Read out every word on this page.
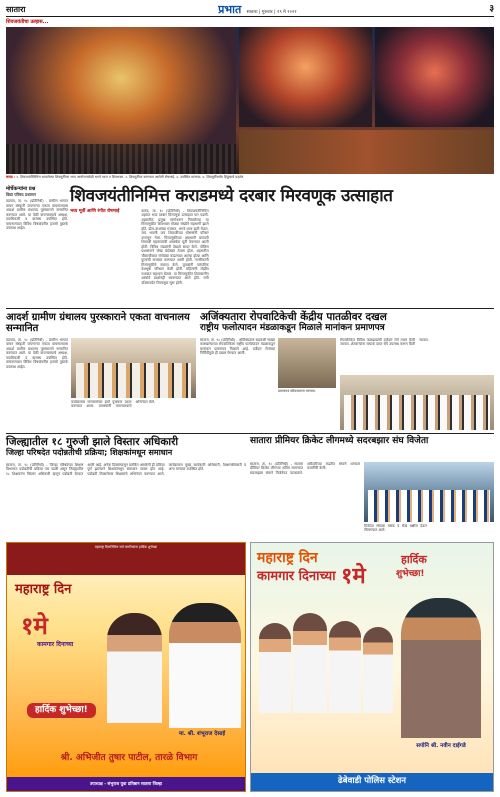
सातारा	प्रभात सातारा | गुरुवार | १९ मे २०२२	३
शिवजयंतीचा उल्हास...
कराड : १. शिवजयंतीनिमित्त भरवलेल्या शिवमूर्तीच्या भव्य आयोजनावेळी भगवे ध्वज व शिवभक्त. २. शिवमूर्तीवर करण्यात आलेली रोषणाई. ३. उपस्थित मान्यवर. ४. शिवमूर्तीसमोर हिंदुत्वाचे प्रदर्शन.
मोर्चेकऱ्यांना प्रश्न
विद्या परिषद प्रशासन
वडगाव, ता. १८ (प्रतिनिधी) - ग्रामीण भागात वाचन संस्कृती जपणाऱ्या एकता वाचनालयास आदर्श ग्रामीण ग्रंथालय पुरस्काराने सन्मानित करण्यात आले. या वेळी वाचनालयाचे अध्यक्ष, पदाधिकारी व ग्रामस्थ उपस्थित होते. वाचनालयात विविध विषयांवरील हजारो पुस्तके उपलब्ध आहेत.
शिवजयंतीनिमित्त कराडमध्ये दरबार मिरवणूक उत्साहात
भव्य मूर्ती आणि रंगीत रोषणाई	कराड, ता. १८ (प्रतिनिधी) - शिवजयंतीनिमित्त शहरात भव्य दरबार मिरवणूक उत्साहात पार पडली. शहरातील प्रमुख मार्गावरून निघालेल्या या मिरवणुकीत शिवभक्त मोठ्या संख्येने सहभागी झाले होते. ढोल-ताशांच्या गजरात, भगवे ध्वज हाती घेऊन, जय भवानी जय शिवाजीच्या घोषणांनी परिसर दणाणून गेला. मिरवणुकीच्या अग्रभागी छत्रपती शिवाजी महाराजांची आकर्षक मूर्ती ठेवण्यात आली होती. विविध मंडळांनी देखावे सादर केले. पोलिस प्रशासनाने चोख बंदोबस्त ठेवला होता. शहरातील चौकाचौकात रांगोळ्या काढण्यात आल्या होत्या आणि फुलांची सजावट करण्यात आली होती. नागरिकांनी मिरवणुकीचे स्वागत केले. युवकांनी पारंपरिक वेशभूषा परिधान केली होती. महिलांनी लेझीम पथकात सहभाग घेतला. या मिरवणुकीत शिवकालीन शस्त्रांचे प्रदर्शनही भरवण्यात आले होते. रात्री उशिरापर्यंत मिरवणूक सुरू होती.
आदर्श ग्रामीण ग्रंथालय पुरस्काराने एकता वाचनालय सन्मानित
वडगाव, ता. १८ (प्रतिनिधी) - ग्रामीण भागात वाचन संस्कृती जपणाऱ्या एकता वाचनालयास आदर्श ग्रामीण ग्रंथालय पुरस्काराने सन्मानित करण्यात आले. या वेळी वाचनालयाचे अध्यक्ष, पदाधिकारी व ग्रामस्थ उपस्थित होते. वाचनालयात विविध विषयांवरील हजारो पुस्तके उपलब्ध आहेत.
कार्यक्रमास मान्यवरांच्या हस्ते पुरस्कार प्रदान करण्यात आला. ग्रामस्थांनी वाचनालयाचे अभिनंदन केले.
अजिंक्यतारा रोपवाटिकेची केंद्रीय पातळीवर दखल
राष्ट्रीय फलोत्पादन मंडळाकडून मिळाले मानांकन प्रमाणपत्र
सातारा, ता. १८ (प्रतिनिधी) - अजिंक्यतारा सहकारी साखर कारखान्याच्या रोपवाटिकेला राष्ट्रीय फलोत्पादन मंडळाकडून मानांकन प्रमाणपत्र मिळाले आहे. दर्जेदार रोपांच्या निर्मितीमुळे ही दखल घेण्यात आली.
प्रमाणपत्र स्वीकारताना मान्यवर.
रोपवाटिकेत विविध फळझाडांची दर्जेदार रोपे तयार केली जातात. शेतकऱ्यांना माफक दरात रोपे उपलब्ध करून दिली जातात.
जिल्ह्यातील १८ गुरुजी झाले विस्तार अधिकारी
जिल्हा परिषदेत पदोन्नतीची प्रक्रिया; शिक्षकांमधून समाधान
सातारा, ता. १८ (प्रतिनिधी) - जिल्हा परिषदेच्या शिक्षण विभागात पदोन्नतीची प्रक्रिया पार पडली असून जिल्ह्यातील १८ शिक्षकांना विस्तार अधिकारी म्हणून पदोन्नती देण्यात आली आहे. अनेक दिवसांपासून प्रलंबित असलेली ही प्रक्रिया पूर्ण झाल्याने शिक्षकांमधून समाधान व्यक्त होत आहे. पदोन्नती मिळालेल्या शिक्षकांचे अभिनंदन करण्यात आले. कार्यक्रमास मुख्य कार्यकारी अधिकारी, शिक्षणाधिकारी व अन्य मान्यवर उपस्थित होते.
सातारा प्रीमियर क्रिकेट लीगमध्ये सदरबझार संघ विजेता
सातारा, ता. १८ (प्रतिनिधी) - सातारा प्रीमियर क्रिकेट लीगच्या अंतिम सामन्यात सदरबझार संघाने विजेतेपद पटकावले. अटीतटीच्या लढतीत संघाने शानदार कामगिरी केली.
विजेत्या संघाला चषक व रोख बक्षीस देऊन गौरवण्यात आले.
महाराष्ट्र दिनानिमित्त सर्व नागरिकांना हार्दिक शुभेच्छा
महाराष्ट्र दिन
१मे
कामगार दिनाच्या
हार्दिक शुभेच्छा!
मा. श्री. शंभूराज देसाई
श्री. अभिजीत तुषार पाटील, तारळे विभाग
उपाध्यक्ष - संभुराज युवा प्रतिष्ठान सातारा जिल्हा
महाराष्ट्र दिन
कामगार दिनाच्या १मे
हार्दिक
शुभेच्छा!
सपोनि श्री. नवीन दाईगडे
ढेबेवाडी पोलिस स्टेशन
